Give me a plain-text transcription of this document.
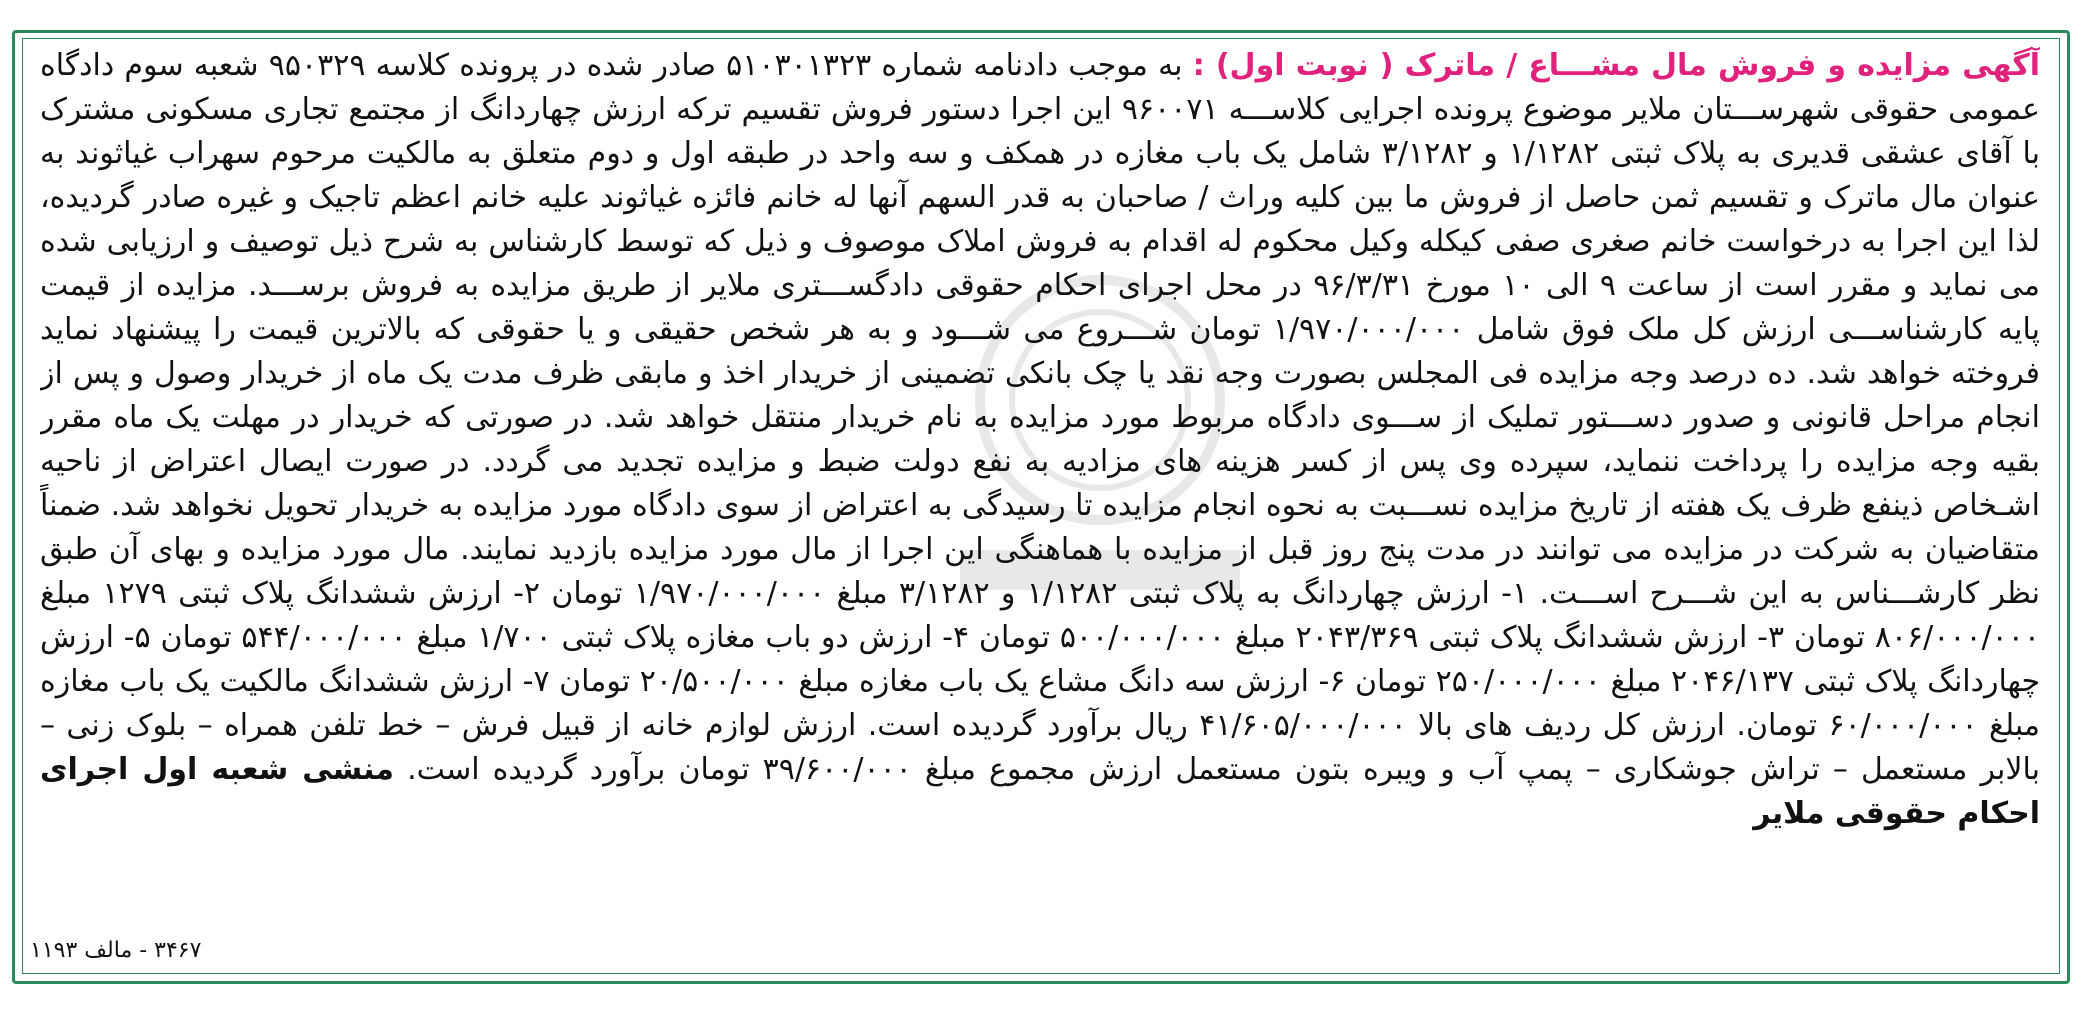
آگهی مزایده و فروش مال مشـــاع / ماترک ( نوبت اول) : به موجب دادنامه شماره ۵۱۰۳۰۱۳۲۳ صادر شده در پرونده کلاسه ۹۵۰۳۲۹ شعبه سوم دادگاه عمومی حقوقی شهرســـتان ملایر موضوع پرونده اجرایی کلاســـه ۹۶۰۰۷۱ این اجرا دستور فروش تقسیم ترکه ارزش چهاردانگ از مجتمع تجاری مسکونی مشترک با آقای عشقی قدیری به پلاک ثبتی ۱/۱۲۸۲ و ۳/۱۲۸۲ شامل یک باب مغازه در همکف و سه واحد در طبقه اول و دوم متعلق به مالکیت مرحوم سهراب غیاثوند به عنوان مال ماترک و تقسیم ثمن حاصل از فروش ما بین کلیه وراث / صاحبان به قدر السهم آنها له خانم فائزه غیاثوند علیه خانم اعظم تاجیک و غیره صادر گردیده، لذا این اجرا به درخواست خانم صغری صفی کیکله وکیل محکوم له اقدام به فروش املاک موصوف و ذیل که توسط کارشناس به شرح ذیل توصیف و ارزیابی شده می نماید و مقرر است از ساعت ۹ الی ۱۰ مورخ ۹۶/۳/۳۱ در محل اجرای احکام حقوقی دادگســـتری ملایر از طریق مزایده به فروش برســـد. مزایده از قیمت پایه کارشناســـی ارزش کل ملک فوق شامل ۱/۹۷۰/۰۰۰/۰۰۰ تومان شـــروع می شـــود و به هر شخص حقیقی و یا حقوقی که بالاترین قیمت را پیشنهاد نماید فروخته خواهد شد. ده درصد وجه مزایده فی المجلس بصورت وجه نقد یا چک بانکی تضمینی از خریدار اخذ و مابقی ظرف مدت یک ماه از خریدار وصول و پس از انجام مراحل قانونی و صدور دســـتور تملیک از ســـوی دادگاه مربوط مورد مزایده به نام خریدار منتقل خواهد شد. در صورتی که خریدار در مهلت یک ماه مقرر بقیه وجه مزایده را پرداخت ننماید، سپرده وی پس از کسر هزینه های مزادیه به نفع دولت ضبط و مزایده تجدید می گردد. در صورت ایصال اعتراض از ناحیه اشـخاص ذینفع ظرف یک هفته از تاریخ مزایده نســـبت به نحوه انجام مزایده تا رسیدگی به اعتراض از سوی دادگاه مورد مزایده به خریدار تحویل نخواهد شد. ضمناً متقاضیان به شرکت در مزایده می توانند در مدت پنج روز قبل از مزایده با هماهنگی این اجرا از مال مورد مزایده بازدید نمایند. مال مورد مزایده و بهای آن طبق نظر کارشـــناس به این شـــرح اســـت. ۱- ارزش چهاردانگ به پلاک ثبتی ۱/۱۲۸۲ و ۳/۱۲۸۲ مبلغ ۱/۹۷۰/۰۰۰/۰۰۰ تومان ۲- ارزش ششدانگ پلاک ثبتی ۱۲۷۹ مبلغ ۸۰۶/۰۰۰/۰۰۰ تومان ۳- ارزش ششدانگ پلاک ثبتی ۲۰۴۳/۳۶۹ مبلغ ۵۰۰/۰۰۰/۰۰۰ تومان ۴- ارزش دو باب مغازه پلاک ثبتی ۱/۷۰۰ مبلغ ۵۴۴/۰۰۰/۰۰۰ تومان ۵- ارزش چهاردانگ پلاک ثبتی ۲۰۴۶/۱۳۷ مبلغ ۲۵۰/۰۰۰/۰۰۰ تومان ۶- ارزش سه دانگ مشاع یک باب مغازه مبلغ ۲۰/۵۰۰/۰۰۰ تومان ۷- ارزش ششدانگ مالکیت یک باب مغازه مبلغ ۶۰/۰۰۰/۰۰۰ تومان. ارزش کل ردیف های بالا ۴۱/۶۰۵/۰۰۰/۰۰۰ ریال برآورد گردیده است. ارزش لوازم خانه از قبیل فرش – خط تلفن همراه – بلوک زنی – بالابر مستعمل – تراش جوشکاری – پمپ آب و ویبره بتون مستعمل ارزش مجموع مبلغ ۳۹/۶۰۰/۰۰۰ تومان برآورد گردیده است. منشی شعبه اول اجرای احکام حقوقی ملایر
۳۴۶۷ - مالف ۱۱۹۳
